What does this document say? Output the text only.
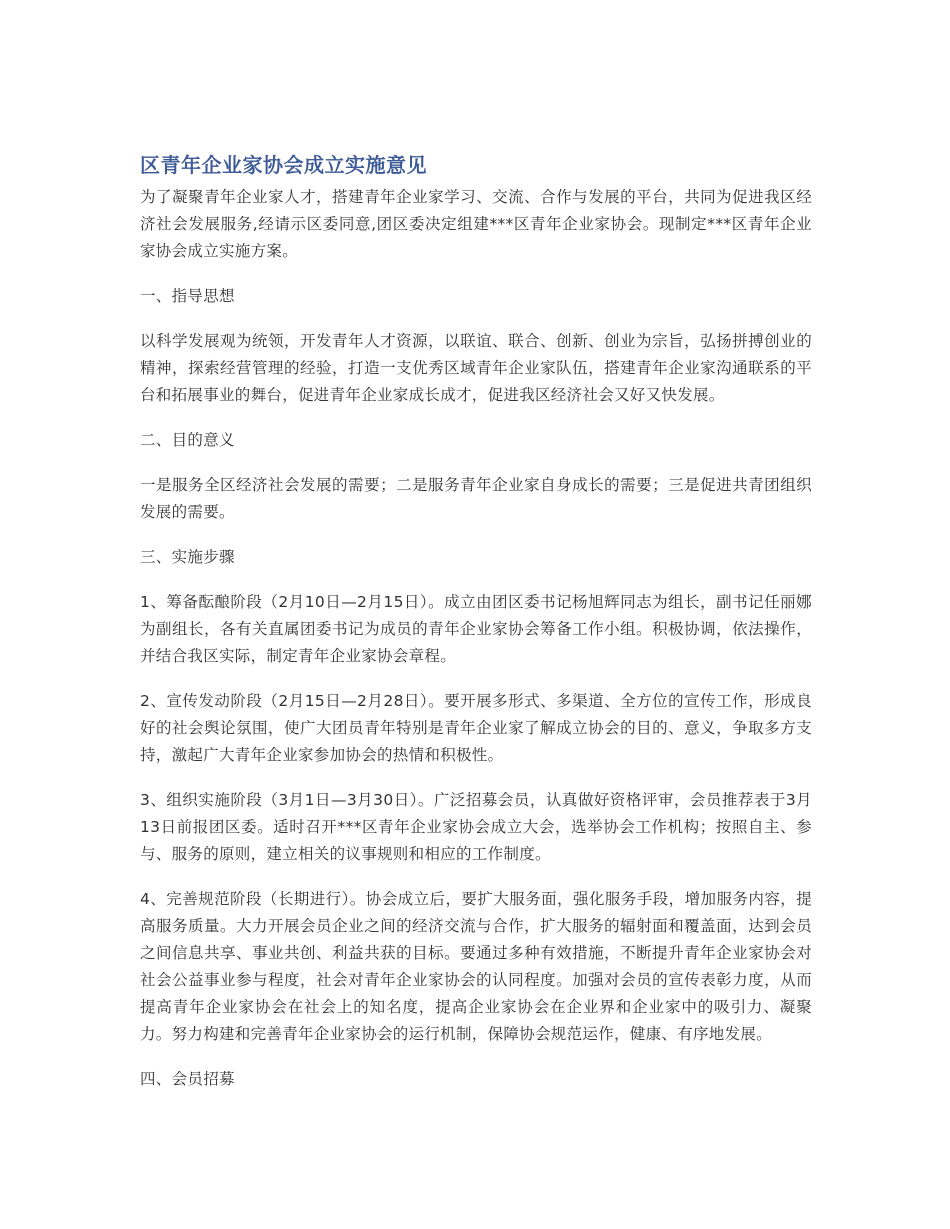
区青年企业家协会成立实施意见

为了凝聚青年企业家人才，搭建青年企业家学习、交流、合作与发展的平台，共同为促进我区经济社会发展服务,经请示区委同意,团区委决定组建***区青年企业家协会。现制定***区青年企业家协会成立实施方案。

一、指导思想

以科学发展观为统领，开发青年人才资源，以联谊、联合、创新、创业为宗旨，弘扬拼搏创业的精神，探索经营管理的经验，打造一支优秀区域青年企业家队伍，搭建青年企业家沟通联系的平台和拓展事业的舞台，促进青年企业家成长成才，促进我区经济社会又好又快发展。

二、目的意义

一是服务全区经济社会发展的需要；二是服务青年企业家自身成长的需要；三是促进共青团组织发展的需要。

三、实施步骤

1、筹备酝酿阶段（2月10日—2月15日）。成立由团区委书记杨旭辉同志为组长，副书记任丽娜为副组长，各有关直属团委书记为成员的青年企业家协会筹备工作小组。积极协调，依法操作，并结合我区实际，制定青年企业家协会章程。

2、宣传发动阶段（2月15日—2月28日）。要开展多形式、多渠道、全方位的宣传工作，形成良好的社会舆论氛围，使广大团员青年特别是青年企业家了解成立协会的目的、意义，争取多方支持，激起广大青年企业家参加协会的热情和积极性。

3、组织实施阶段（3月1日—3月30日）。广泛招募会员，认真做好资格评审，会员推荐表于3月13日前报团区委。适时召开***区青年企业家协会成立大会，选举协会工作机构；按照自主、参与、服务的原则，建立相关的议事规则和相应的工作制度。

4、完善规范阶段（长期进行）。协会成立后，要扩大服务面，强化服务手段，增加服务内容，提高服务质量。大力开展会员企业之间的经济交流与合作，扩大服务的辐射面和覆盖面，达到会员之间信息共享、事业共创、利益共获的目标。要通过多种有效措施，不断提升青年企业家协会对社会公益事业参与程度，社会对青年企业家协会的认同程度。加强对会员的宣传表彰力度，从而提高青年企业家协会在社会上的知名度，提高企业家协会在企业界和企业家中的吸引力、凝聚力。努力构建和完善青年企业家协会的运行机制，保障协会规范运作，健康、有序地发展。

四、会员招募
